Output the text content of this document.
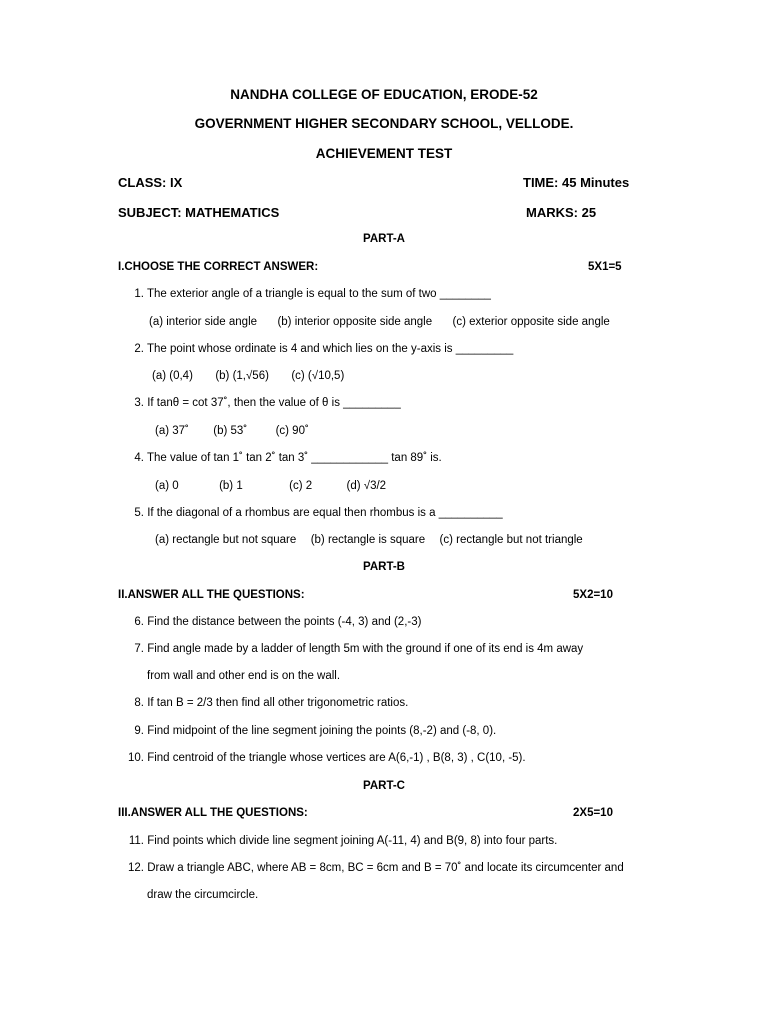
NANDHA COLLEGE OF EDUCATION, ERODE-52
GOVERNMENT HIGHER SECONDARY SCHOOL, VELLODE.
ACHIEVEMENT TEST
CLASS: IX	TIME: 45 Minutes
SUBJECT: MATHEMATICS	MARKS: 25
PART-A
I.CHOOSE THE CORRECT ANSWER:	5X1=5
1. The exterior angle of a triangle is equal to the sum of two ________
(a) interior side angle (b) interior opposite side angle (c) exterior opposite side angle
2. The point whose ordinate is 4 and which lies on the y-axis is _________
(a) (0,4) (b) (1,√56) (c) (√10,5)
3. If tanθ = cot 37˚, then the value of θ is _________
(a) 37˚ (b) 53˚ (c) 90˚
4. The value of tan 1˚ tan 2˚ tan 3˚ ____________ tan 89˚ is.
(a) 0	(b) 1	(c) 2	(d) √3/2
5. If the diagonal of a rhombus are equal then rhombus is a __________
(a) rectangle but not square (b) rectangle is square (c) rectangle but not triangle
PART-B
II.ANSWER ALL THE QUESTIONS:	5X2=10
6. Find the distance between the points (-4, 3) and (2,-3)
7. Find angle made by a ladder of length 5m with the ground if one of its end is 4m away
from wall and other end is on the wall.
8. If tan B = 2/3 then find all other trigonometric ratios.
9. Find midpoint of the line segment joining the points (8,-2) and (-8, 0).
10. Find centroid of the triangle whose vertices are A(6,-1) , B(8, 3) , C(10, -5).
PART-C
III.ANSWER ALL THE QUESTIONS:	2X5=10
11. Find points which divide line segment joining A(-11, 4) and B(9, 8) into four parts.
12. Draw a triangle ABC, where AB = 8cm, BC = 6cm and B = 70˚ and locate its circumcenter and
draw the circumcircle.
